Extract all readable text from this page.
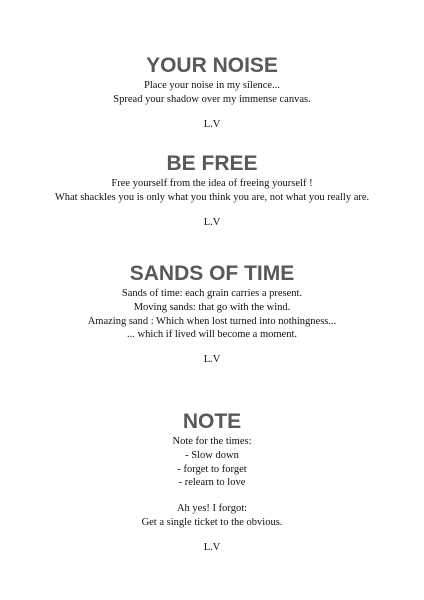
YOUR NOISE
Place your noise in my silence...
Spread your shadow over my immense canvas.
L.V
BE FREE
Free yourself from the idea of freeing yourself !
What shackles you is only what you think you are, not what you really are.
L.V
SANDS OF TIME
Sands of time: each grain carries a present.
Moving sands: that go with the wind.
Amazing sand : Which when lost turned into nothingness...
... which if lived will become a moment.
L.V
NOTE
Note for the times:
- Slow down
- forget to forget
- relearn to love
Ah yes! I forgot:
Get a single ticket to the obvious.
L.V
